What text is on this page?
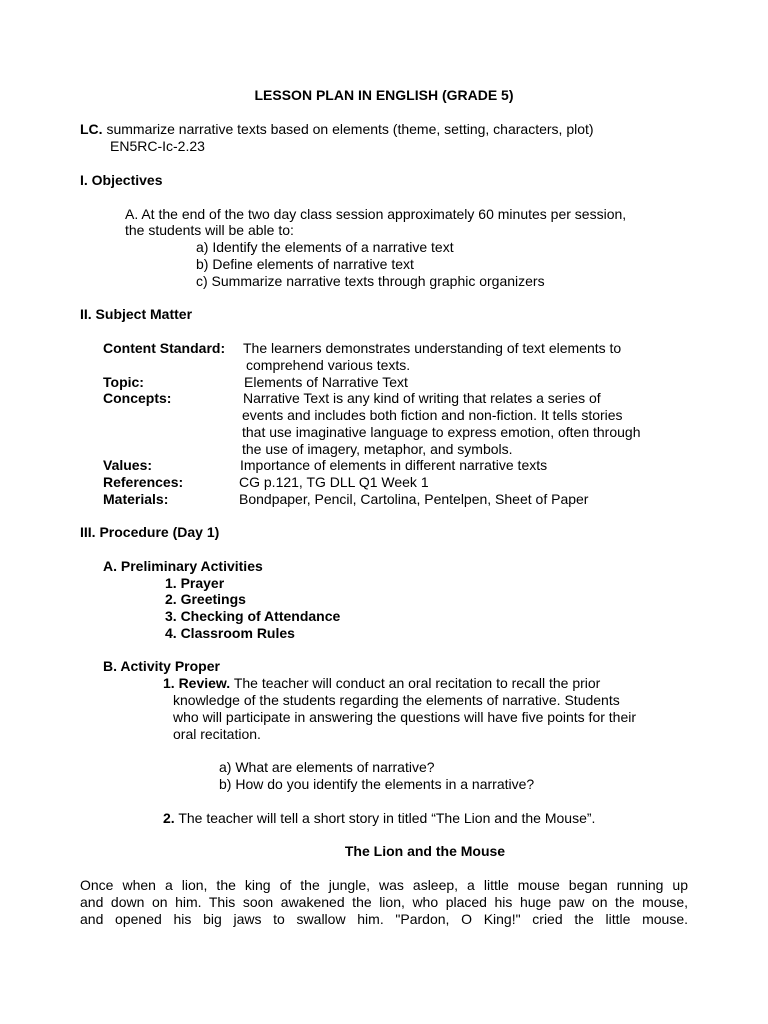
LESSON PLAN IN ENGLISH (GRADE 5)
LC. summarize narrative texts based on elements (theme, setting, characters, plot)
EN5RC-Ic-2.23
I. Objectives
A. At the end of the two day class session approximately 60 minutes per session,
the students will be able to:
a) Identify the elements of a narrative text
b) Define elements of narrative text
c) Summarize narrative texts through graphic organizers
II. Subject Matter
Content Standard: The learners demonstrates understanding of text elements to
comprehend various texts.
Topic:	Elements of Narrative Text
Concepts:	Narrative Text is any kind of writing that relates a series of
events and includes both fiction and non-fiction. It tells stories
that use imaginative language to express emotion, often through
the use of imagery, metaphor, and symbols.
Values:	Importance of elements in different narrative texts
References:	CG p.121, TG DLL Q1 Week 1
Materials:	Bondpaper, Pencil, Cartolina, Pentelpen, Sheet of Paper
III. Procedure (Day 1)
A. Preliminary Activities
1. Prayer
2. Greetings
3. Checking of Attendance
4. Classroom Rules
B. Activity Proper
1. Review. The teacher will conduct an oral recitation to recall the prior
knowledge of the students regarding the elements of narrative. Students
who will participate in answering the questions will have five points for their
oral recitation.
a) What are elements of narrative?
b) How do you identify the elements in a narrative?
2. The teacher will tell a short story in titled “The Lion and the Mouse”.
The Lion and the Mouse
Once when a lion, the king of the jungle, was asleep, a little mouse began running up
and down on him. This soon awakened the lion, who placed his huge paw on the mouse,
and opened his big jaws to swallow him. "Pardon, O King!" cried the little mouse.
